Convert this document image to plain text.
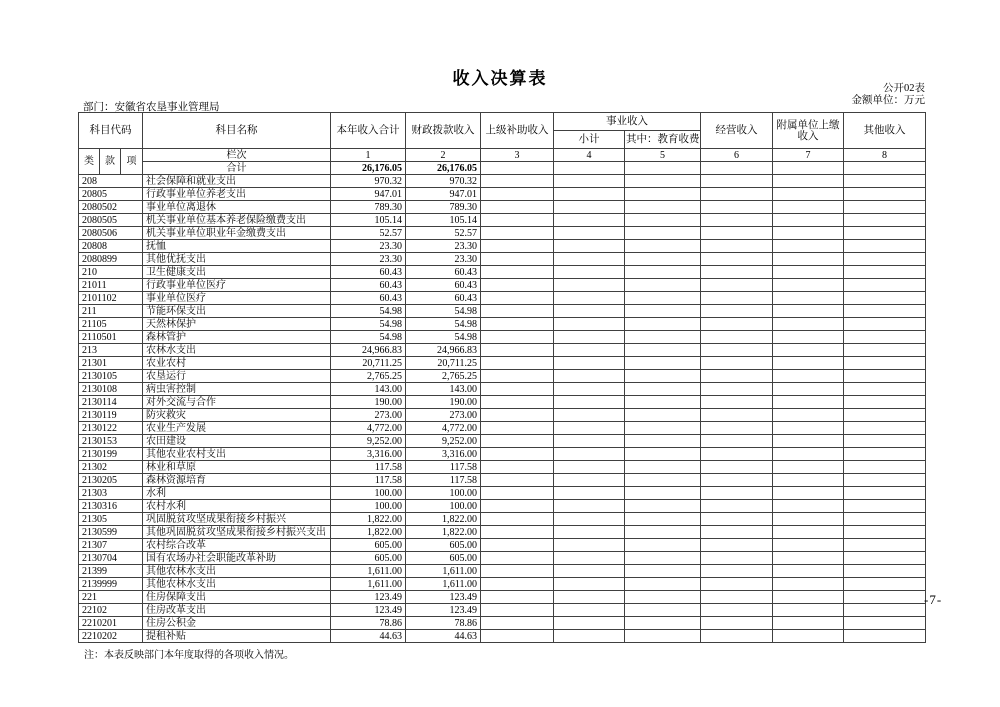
收入决算表
公开02表
金额单位：万元
部门：安徽省农垦事业管理局
科目代码			科目名称	本年收入合计	财政拨款收入	上级补助收入	事业收入		经营收入	附属单位上缴收入	其他收入
							小计	其中：教育收费			
类	款	项	栏次	1	2	3	4	5	6	7	8
			合计	26,176.05	26,176.05						
208			社会保障和就业支出	970.32	970.32						
20805			行政事业单位养老支出	947.01	947.01						
2080502			事业单位离退休	789.30	789.30						
2080505			机关事业单位基本养老保险缴费支出	105.14	105.14						
2080506			机关事业单位职业年金缴费支出	52.57	52.57						
20808			抚恤	23.30	23.30						
2080899			其他优抚支出	23.30	23.30						
210			卫生健康支出	60.43	60.43						
21011			行政事业单位医疗	60.43	60.43						
2101102			事业单位医疗	60.43	60.43						
211			节能环保支出	54.98	54.98						
21105			天然林保护	54.98	54.98						
2110501			森林管护	54.98	54.98						
213			农林水支出	24,966.83	24,966.83						
21301			农业农村	20,711.25	20,711.25						
2130105			农垦运行	2,765.25	2,765.25						
2130108			病虫害控制	143.00	143.00						
2130114			对外交流与合作	190.00	190.00						
2130119			防灾救灾	273.00	273.00						
2130122			农业生产发展	4,772.00	4,772.00						
2130153			农田建设	9,252.00	9,252.00						
2130199			其他农业农村支出	3,316.00	3,316.00						
21302			林业和草原	117.58	117.58						
2130205			森林资源培育	117.58	117.58						
21303			水利	100.00	100.00						
2130316			农村水利	100.00	100.00						
21305			巩固脱贫攻坚成果衔接乡村振兴	1,822.00	1,822.00						
2130599			其他巩固脱贫攻坚成果衔接乡村振兴支出	1,822.00	1,822.00						
21307			农村综合改革	605.00	605.00						
2130704			国有农场办社会职能改革补助	605.00	605.00						
21399			其他农林水支出	1,611.00	1,611.00						
2139999			其他农林水支出	1,611.00	1,611.00						
221			住房保障支出	123.49	123.49						
22102			住房改革支出	123.49	123.49						
2210201			住房公积金	78.86	78.86						
2210202			提租补贴	44.63	44.63						
注：本表反映部门本年度取得的各项收入情况。
-7-
